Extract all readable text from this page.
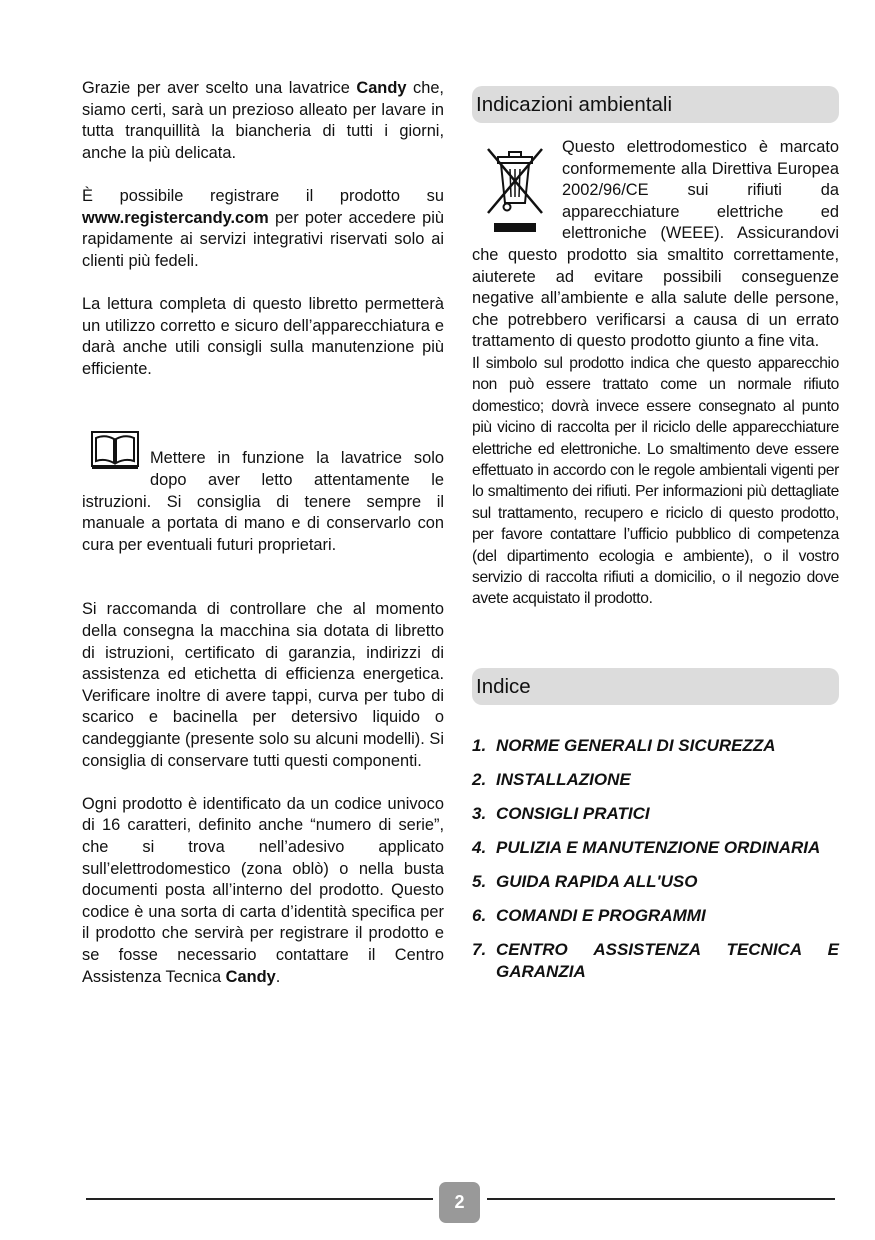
Grazie per aver scelto una lavatrice Candy che, siamo certi, sarà un prezioso alleato per lavare in tutta tranquillità la biancheria di tutti i giorni, anche la più delicata.

È possibile registrare il prodotto su www.registercandy.com per poter accedere più rapidamente ai servizi integrativi riservati solo ai clienti più fedeli.

La lettura completa di questo libretto permetterà un utilizzo corretto e sicuro dell’apparecchiatura e darà anche utili consigli sulla manutenzione più efficiente.

Mettere in funzione la lavatrice solo dopo aver letto attentamente le istruzioni. Si consiglia di tenere sempre il manuale a portata di mano e di conservarlo con cura per eventuali futuri proprietari.

Si raccomanda di controllare che al momento della consegna la macchina sia dotata di libretto di istruzioni, certificato di garanzia, indirizzi di assistenza ed etichetta di efficienza energetica. Verificare inoltre di avere tappi, curva per tubo di scarico e bacinella per detersivo liquido o candeggiante (presente solo su alcuni modelli). Si consiglia di conservare tutti questi componenti.

Ogni prodotto è identificato da un codice univoco di 16 caratteri, definito anche “numero di serie”, che si trova nell’adesivo applicato sull’elettrodomestico (zona oblò) o nella busta documenti posta all’interno del prodotto. Questo codice è una sorta di carta d’identità specifica per il prodotto che servirà per registrare il prodotto e se fosse necessario contattare il Centro Assistenza Tecnica Candy.

Indicazioni ambientali

Questo elettrodomestico è marcato conformemente alla Direttiva Europea 2002/96/CE sui rifiuti da apparecchiature elettriche ed elettroniche (WEEE). Assicurandovi che questo prodotto sia smaltito correttamente, aiuterete ad evitare possibili conseguenze negative all’ambiente e alla salute delle persone, che potrebbero verificarsi a causa di un errato trattamento di questo prodotto giunto a fine vita.

Il simbolo sul prodotto indica che questo apparecchio non può essere trattato come un normale rifiuto domestico; dovrà invece essere consegnato al punto più vicino di raccolta per il riciclo delle apparecchiature elettriche ed elettroniche. Lo smaltimento deve essere effettuato in accordo con le regole ambientali vigenti per lo smaltimento dei rifiuti. Per informazioni più dettagliate sul trattamento, recupero e riciclo di questo prodotto, per favore contattare l’ufficio pubblico di competenza (del dipartimento ecologia e ambiente), o il vostro servizio di raccolta rifiuti a domicilio, o il negozio dove avete acquistato il prodotto.

Indice
1. NORME GENERALI DI SICUREZZA
2. INSTALLAZIONE
3. CONSIGLI PRATICI
4. PULIZIA E MANUTENZIONE ORDINARIA
5. GUIDA RAPIDA ALL'USO
6. COMANDI E PROGRAMMI
7. CENTRO ASSISTENZA TECNICA E GARANZIA
2
